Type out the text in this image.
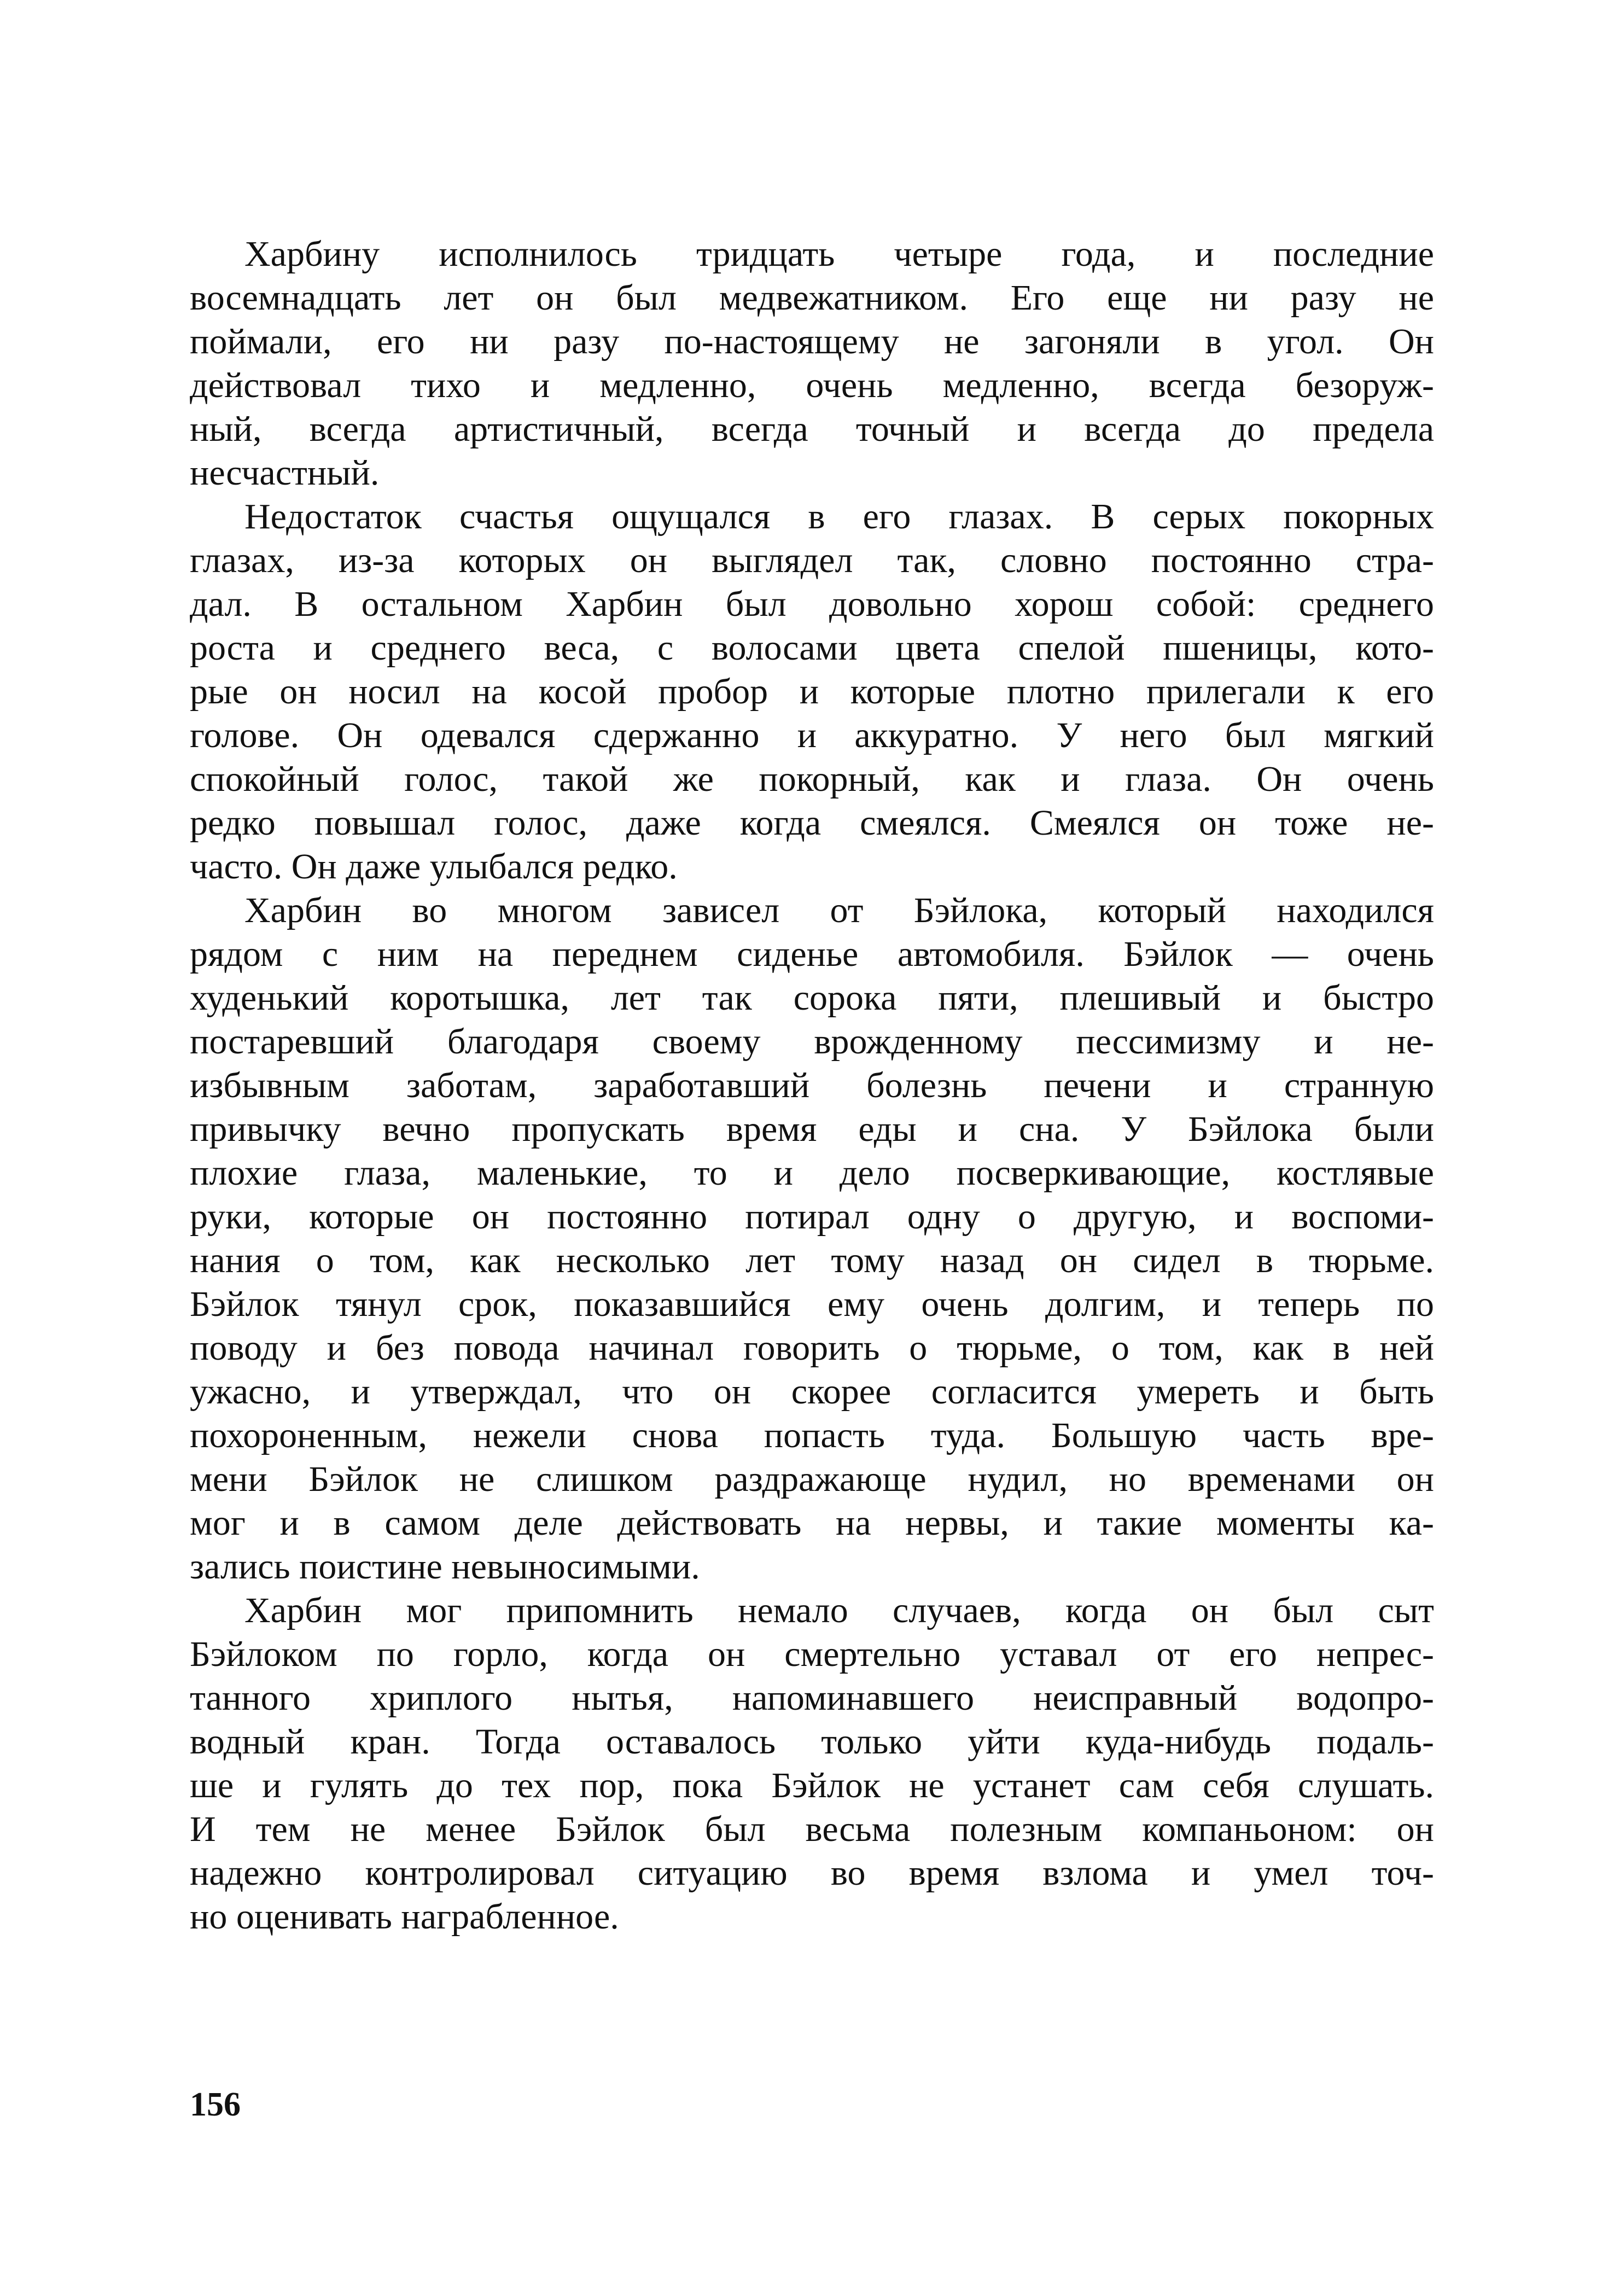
Харбину исполнилось тридцать четыре года, и последние
восемнадцать лет он был медвежатником. Его еще ни разу не
поймали, его ни разу по-настоящему не загоняли в угол. Он
действовал тихо и медленно, очень медленно, всегда безоруж-
ный, всегда артистичный, всегда точный и всегда до предела
несчастный.
Недостаток счастья ощущался в его глазах. В серых покорных
глазах, из-за которых он выглядел так, словно постоянно стра-
дал. В остальном Харбин был довольно хорош собой: среднего
роста и среднего веса, с волосами цвета спелой пшеницы, кото-
рые он носил на косой пробор и которые плотно прилегали к его
голове. Он одевался сдержанно и аккуратно. У него был мягкий
спокойный голос, такой же покорный, как и глаза. Он очень
редко повышал голос, даже когда смеялся. Смеялся он тоже не-
часто. Он даже улыбался редко.
Харбин во многом зависел от Бэйлока, который находился
рядом с ним на переднем сиденье автомобиля. Бэйлок — очень
худенький коротышка, лет так сорока пяти, плешивый и быстро
постаревший благодаря своему врожденному пессимизму и не-
избывным заботам, заработавший болезнь печени и странную
привычку вечно пропускать время еды и сна. У Бэйлока были
плохие глаза, маленькие, то и дело посверкивающие, костлявые
руки, которые он постоянно потирал одну о другую, и воспоми-
нания о том, как несколько лет тому назад он сидел в тюрьме.
Бэйлок тянул срок, показавшийся ему очень долгим, и теперь по
поводу и без повода начинал говорить о тюрьме, о том, как в ней
ужасно, и утверждал, что он скорее согласится умереть и быть
похороненным, нежели снова попасть туда. Большую часть вре-
мени Бэйлок не слишком раздражающе нудил, но временами он
мог и в самом деле действовать на нервы, и такие моменты ка-
зались поистине невыносимыми.
Харбин мог припомнить немало случаев, когда он был сыт
Бэйлоком по горло, когда он смертельно уставал от его непрес-
танного хриплого нытья, напоминавшего неисправный водопро-
водный кран. Тогда оставалось только уйти куда-нибудь подаль-
ше и гулять до тех пор, пока Бэйлок не устанет сам себя слушать.
И тем не менее Бэйлок был весьма полезным компаньоном: он
надежно контролировал ситуацию во время взлома и умел точ-
но оценивать награбленное.
156
